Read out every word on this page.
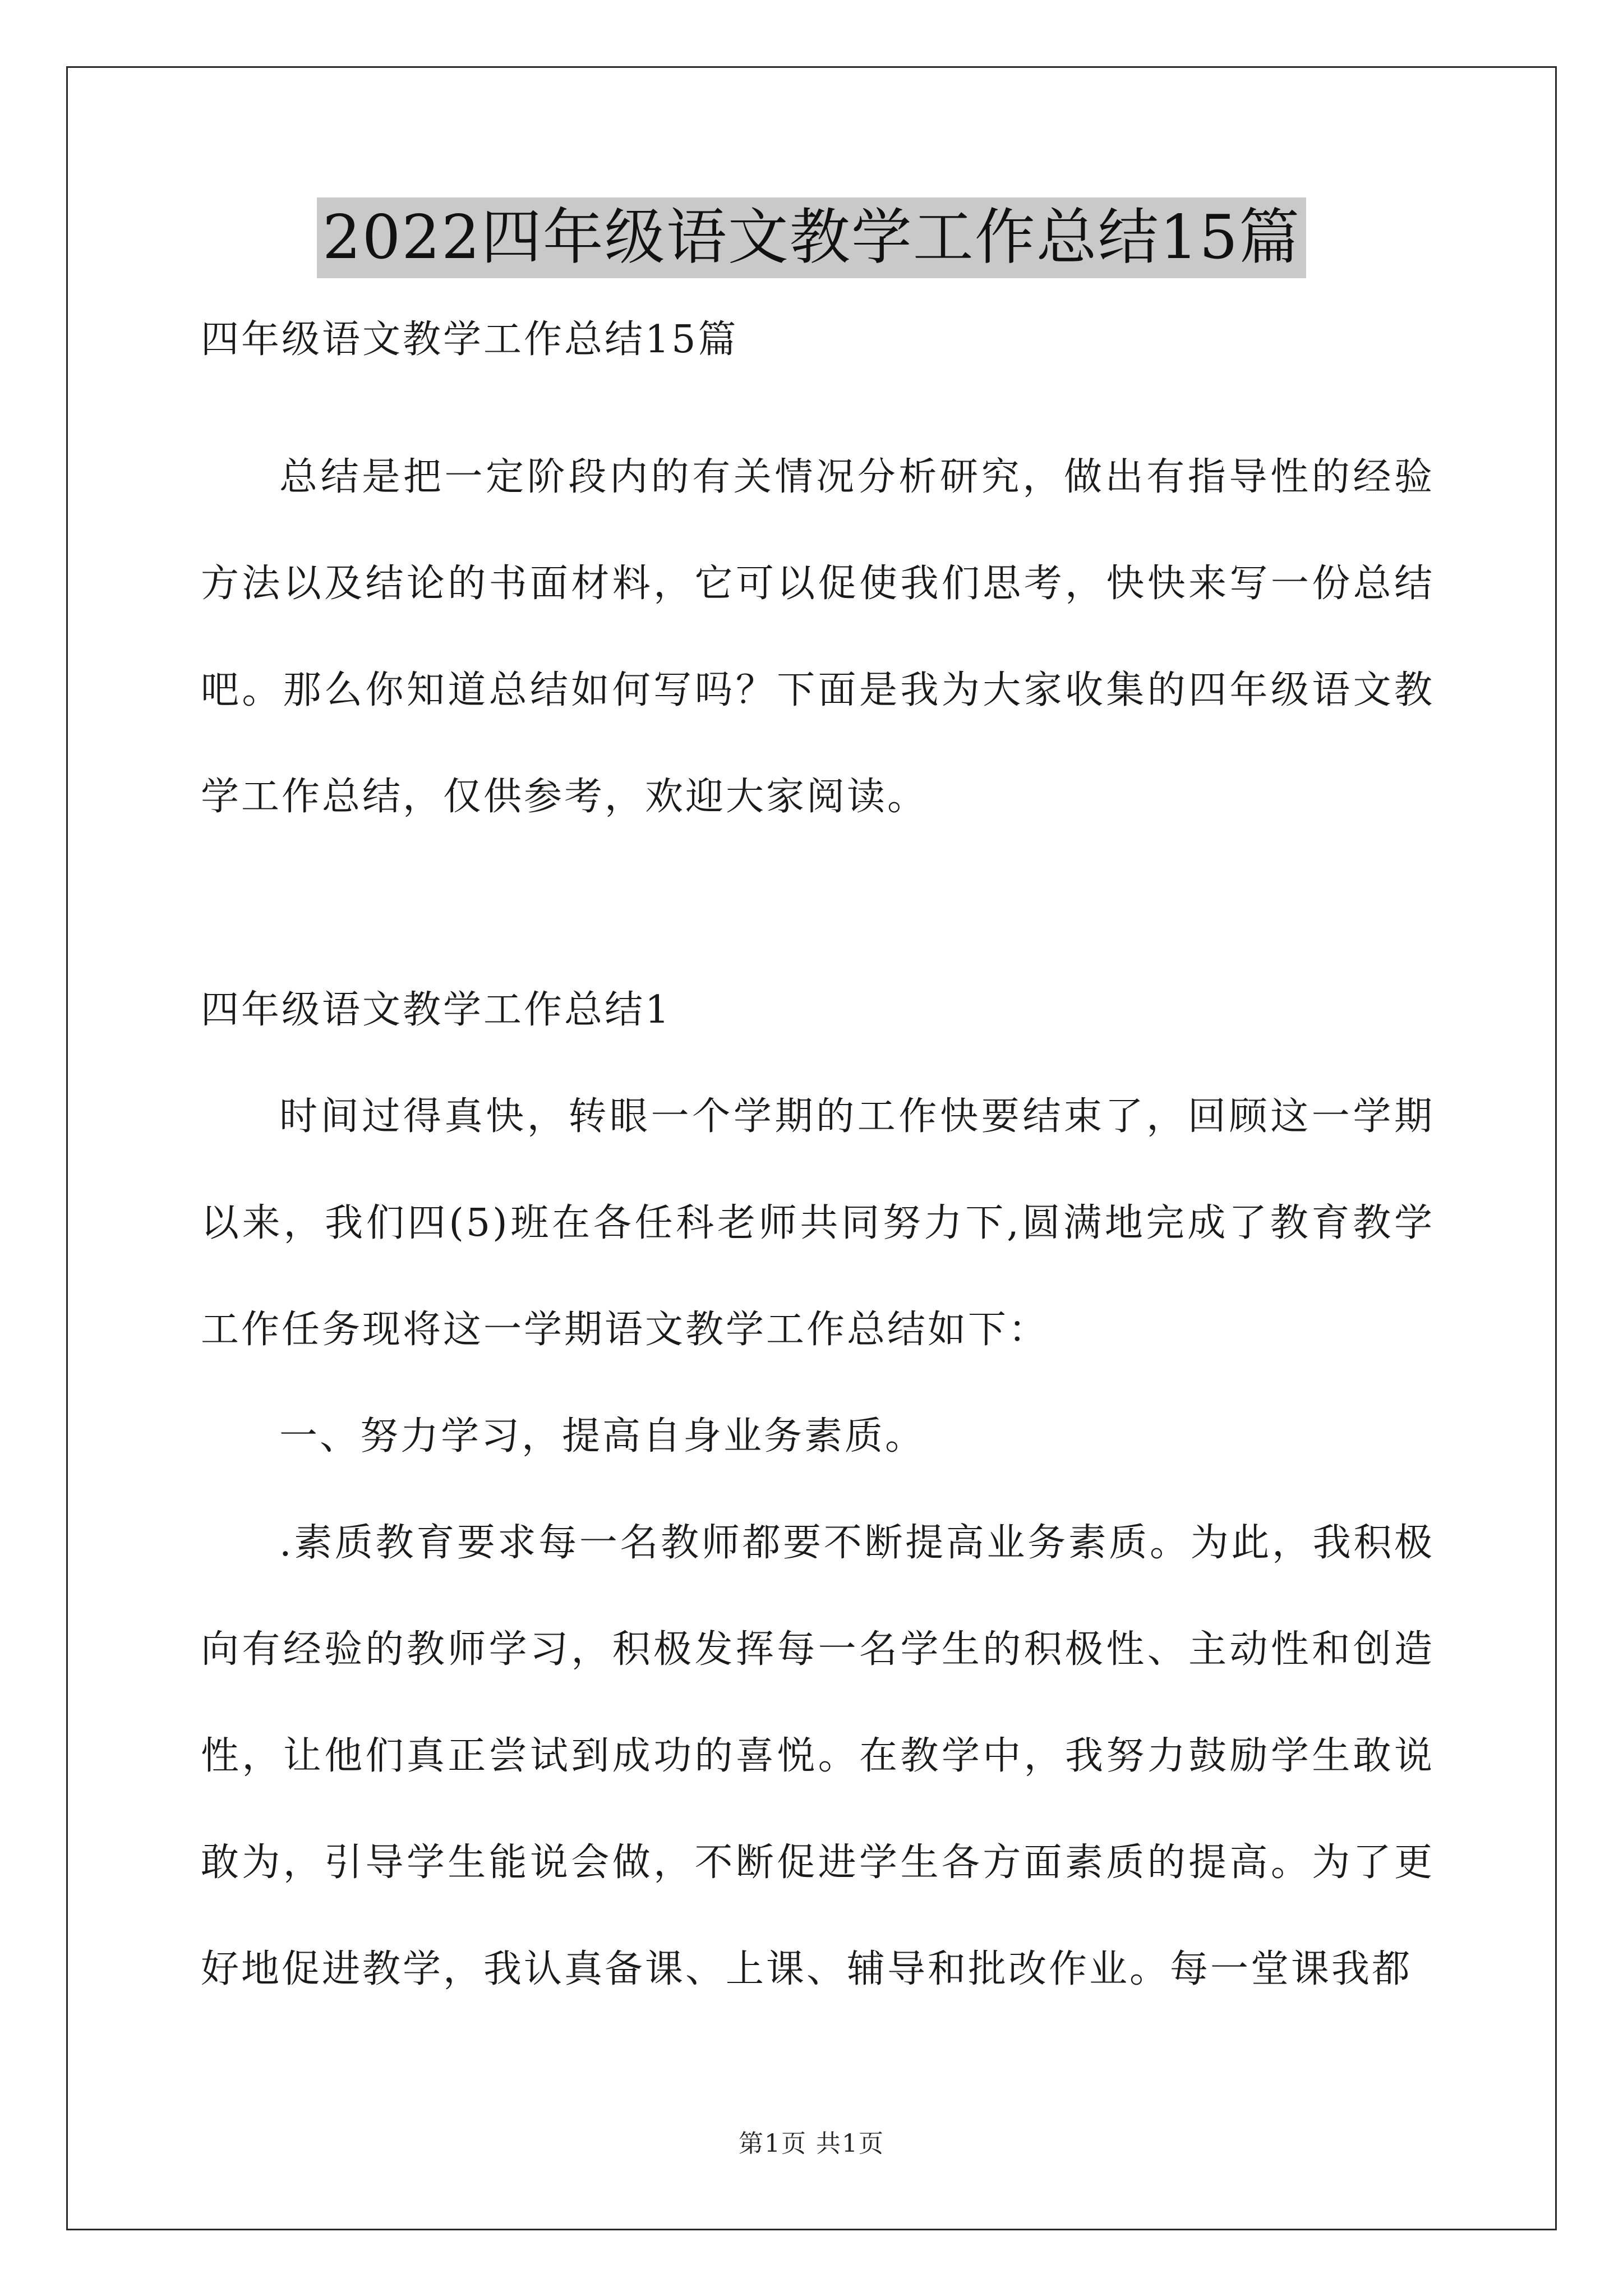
2022四年级语文教学工作总结15篇
四年级语文教学工作总结15篇

总结是把一定阶段内的有关情况分析研究，做出有指导性的经验方法以及结论的书面材料，它可以促使我们思考，快快来写一份总结吧。那么你知道总结如何写吗？下面是我为大家收集的四年级语文教学工作总结，仅供参考，欢迎大家阅读。

四年级语文教学工作总结1

时间过得真快，转眼一个学期的工作快要结束了，回顾这一学期以来，我们四(5)班在各任科老师共同努力下,圆满地完成了教育教学工作任务现将这一学期语文教学工作总结如下：

一、努力学习，提高自身业务素质。

.素质教育要求每一名教师都要不断提高业务素质。为此，我积极向有经验的教师学习，积极发挥每一名学生的积极性、主动性和创造性，让他们真正尝试到成功的喜悦。在教学中，我努力鼓励学生敢说敢为，引导学生能说会做，不断促进学生各方面素质的提高。为了更好地促进教学，我认真备课、上课、辅导和批改作业。每一堂课我都

第1页 共1页
